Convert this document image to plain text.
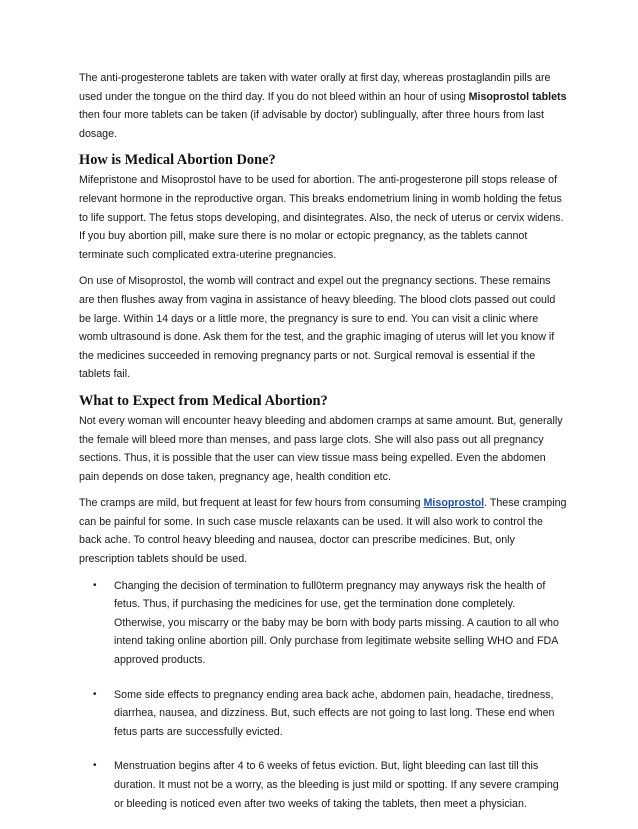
The anti-progesterone tablets are taken with water orally at first day, whereas prostaglandin pills are used under the tongue on the third day. If you do not bleed within an hour of using Misoprostol tablets then four more tablets can be taken (if advisable by doctor) sublingually, after three hours from last dosage.

How is Medical Abortion Done?

Mifepristone and Misoprostol have to be used for abortion. The anti-progesterone pill stops release of relevant hormone in the reproductive organ. This breaks endometrium lining in womb holding the fetus to life support. The fetus stops developing, and disintegrates. Also, the neck of uterus or cervix widens. If you buy abortion pill, make sure there is no molar or ectopic pregnancy, as the tablets cannot terminate such complicated extra-uterine pregnancies.

On use of Misoprostol, the womb will contract and expel out the pregnancy sections. These remains are then flushes away from vagina in assistance of heavy bleeding. The blood clots passed out could be large. Within 14 days or a little more, the pregnancy is sure to end. You can visit a clinic where womb ultrasound is done. Ask them for the test, and the graphic imaging of uterus will let you know if the medicines succeeded in removing pregnancy parts or not. Surgical removal is essential if the tablets fail.

What to Expect from Medical Abortion?

Not every woman will encounter heavy bleeding and abdomen cramps at same amount. But, generally the female will bleed more than menses, and pass large clots. She will also pass out all pregnancy sections. Thus, it is possible that the user can view tissue mass being expelled. Even the abdomen pain depends on dose taken, pregnancy age, health condition etc.

The cramps are mild, but frequent at least for few hours from consuming Misoprostol. These cramping can be painful for some. In such case muscle relaxants can be used. It will also work to control the back ache. To control heavy bleeding and nausea, doctor can prescribe medicines. But, only prescription tablets should be used.

• Changing the decision of termination to full0term pregnancy may anyways risk the health of fetus. Thus, if purchasing the medicines for use, get the termination done completely. Otherwise, you miscarry or the baby may be born with body parts missing. A caution to all who intend taking online abortion pill. Only purchase from legitimate website selling WHO and FDA approved products.
• Some side effects to pregnancy ending area back ache, abdomen pain, headache, tiredness, diarrhea, nausea, and dizziness. But, such effects are not going to last long. These end when fetus parts are successfully evicted.
• Menstruation begins after 4 to 6 weeks of fetus eviction. But, light bleeding can last till this duration. It must not be a worry, as the bleeding is just mild or spotting. If any severe cramping or bleeding is noticed even after two weeks of taking the tablets, then meet a physician.
